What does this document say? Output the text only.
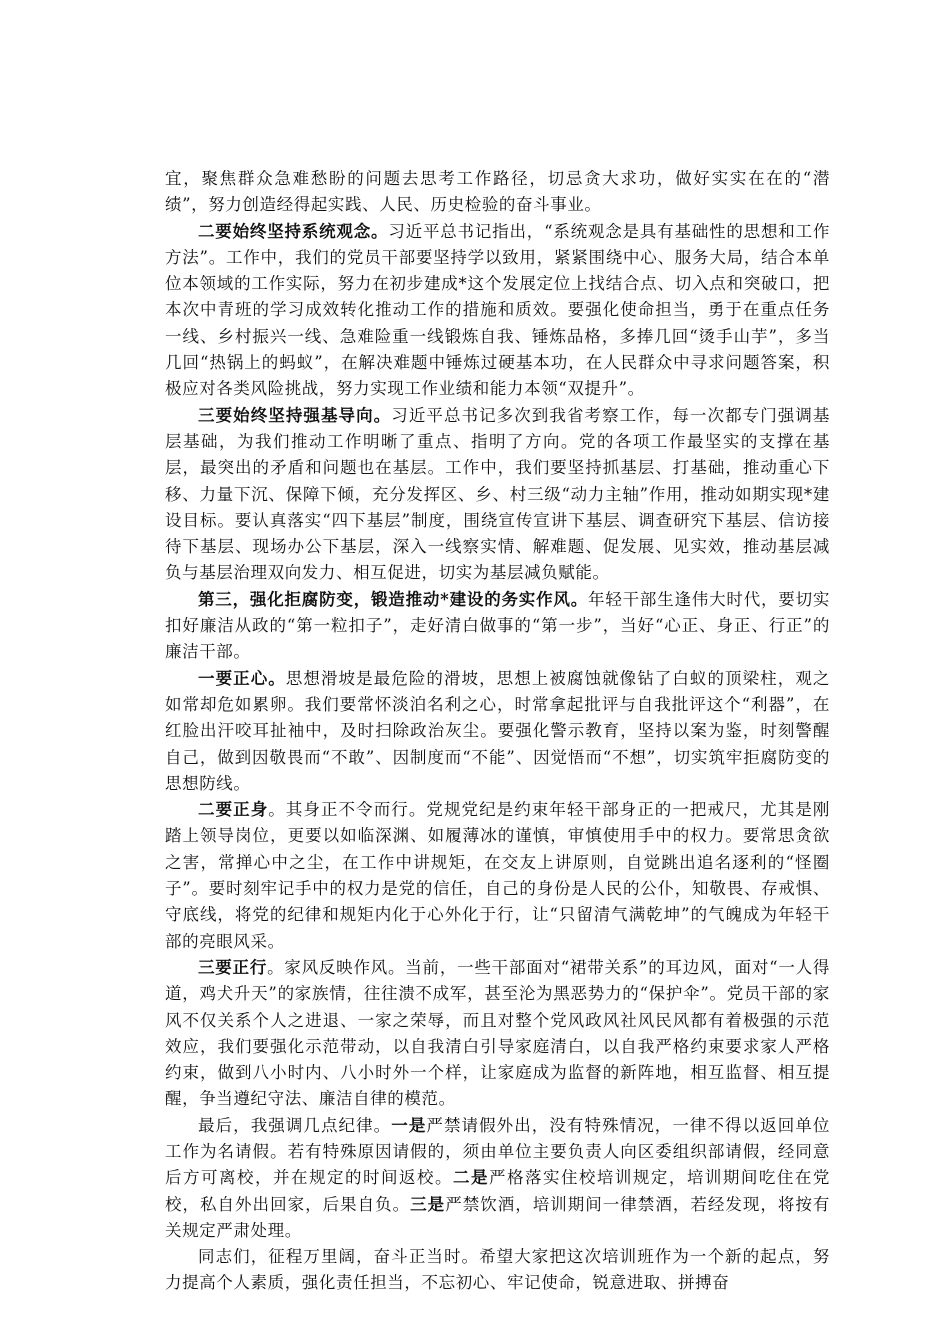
宜，聚焦群众急难愁盼的问题去思考工作路径，切忌贪大求功，做好实实在在的“潜绩”，努力创造经得起实践、人民、历史检验的奋斗事业。

二要始终坚持系统观念。习近平总书记指出，“系统观念是具有基础性的思想和工作方法”。工作中，我们的党员干部要坚持学以致用，紧紧围绕中心、服务大局，结合本单位本领域的工作实际，努力在初步建成*这个发展定位上找结合点、切入点和突破口，把本次中青班的学习成效转化推动工作的措施和质效。要强化使命担当，勇于在重点任务一线、乡村振兴一线、急难险重一线锻炼自我、锤炼品格，多捧几回“烫手山芋”，多当几回“热锅上的蚂蚁”，在解决难题中锤炼过硬基本功，在人民群众中寻求问题答案，积极应对各类风险挑战，努力实现工作业绩和能力本领“双提升”。

三要始终坚持强基导向。习近平总书记多次到我省考察工作，每一次都专门强调基层基础，为我们推动工作明晰了重点、指明了方向。党的各项工作最坚实的支撑在基层，最突出的矛盾和问题也在基层。工作中，我们要坚持抓基层、打基础，推动重心下移、力量下沉、保障下倾，充分发挥区、乡、村三级“动力主轴”作用，推动如期实现*建设目标。要认真落实“四下基层”制度，围绕宣传宣讲下基层、调查研究下基层、信访接待下基层、现场办公下基层，深入一线察实情、解难题、促发展、见实效，推动基层减负与基层治理双向发力、相互促进，切实为基层减负赋能。

第三，强化拒腐防变，锻造推动*建设的务实作风。年轻干部生逢伟大时代，要切实扣好廉洁从政的“第一粒扣子”，走好清白做事的“第一步”，当好“心正、身正、行正”的廉洁干部。

一要正心。思想滑坡是最危险的滑坡，思想上被腐蚀就像钻了白蚁的顶梁柱，观之如常却危如累卵。我们要常怀淡泊名利之心，时常拿起批评与自我批评这个“利器”，在红脸出汗咬耳扯袖中，及时扫除政治灰尘。要强化警示教育，坚持以案为鉴，时刻警醒自己，做到因敬畏而“不敢”、因制度而“不能”、因觉悟而“不想”，切实筑牢拒腐防变的思想防线。

二要正身。其身正不令而行。党规党纪是约束年轻干部身正的一把戒尺，尤其是刚踏上领导岗位，更要以如临深渊、如履薄冰的谨慎，审慎使用手中的权力。要常思贪欲之害，常掸心中之尘，在工作中讲规矩，在交友上讲原则，自觉跳出追名逐利的“怪圈子”。要时刻牢记手中的权力是党的信任，自己的身份是人民的公仆，知敬畏、存戒惧、守底线，将党的纪律和规矩内化于心外化于行，让“只留清气满乾坤”的气魄成为年轻干部的亮眼风采。

三要正行。家风反映作风。当前，一些干部面对“裙带关系”的耳边风，面对“一人得道，鸡犬升天”的家族情，往往溃不成军，甚至沦为黑恶势力的“保护伞”。党员干部的家风不仅关系个人之进退、一家之荣辱，而且对整个党风政风社风民风都有着极强的示范效应，我们要强化示范带动，以自我清白引导家庭清白，以自我严格约束要求家人严格约束，做到八小时内、八小时外一个样，让家庭成为监督的新阵地，相互监督、相互提醒，争当遵纪守法、廉洁自律的模范。

最后，我强调几点纪律。一是严禁请假外出，没有特殊情况，一律不得以返回单位工作为名请假。若有特殊原因请假的，须由单位主要负责人向区委组织部请假，经同意后方可离校，并在规定的时间返校。二是严格落实住校培训规定，培训期间吃住在党校，私自外出回家，后果自负。三是严禁饮酒，培训期间一律禁酒，若经发现，将按有关规定严肃处理。

同志们，征程万里阔，奋斗正当时。希望大家把这次培训班作为一个新的起点，努力提高个人素质，强化责任担当，不忘初心、牢记使命，锐意进取、拼搏奋
